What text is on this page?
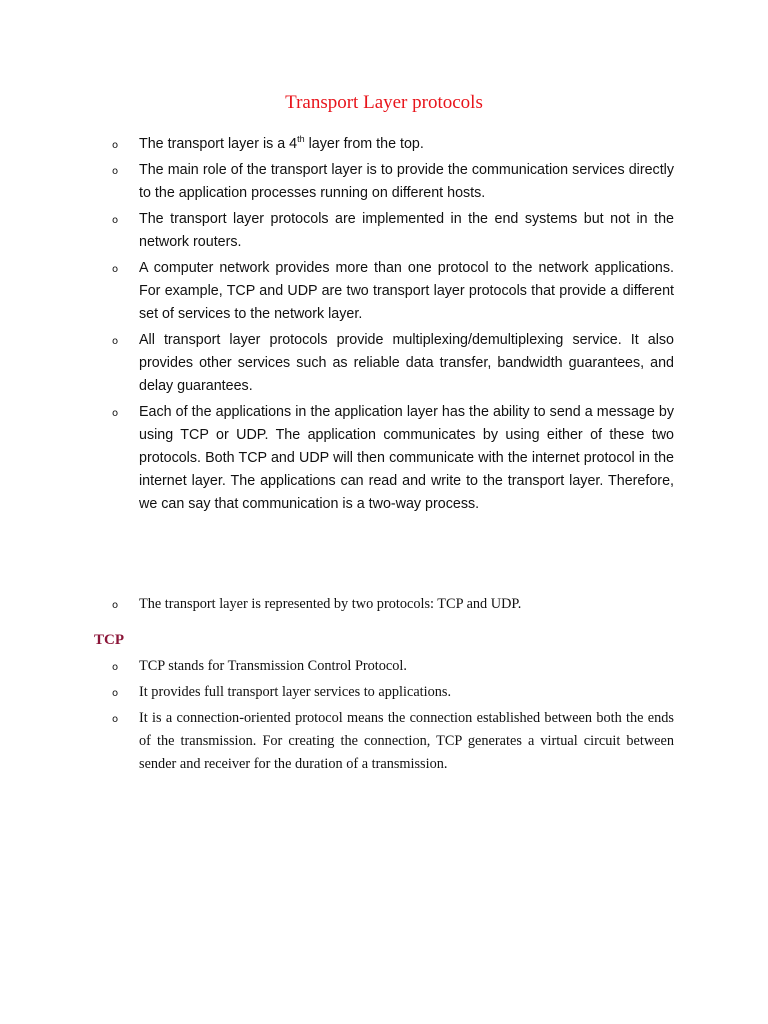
Transport Layer protocols
o The transport layer is a 4th layer from the top.
o The main role of the transport layer is to provide the communication services directly to the application processes running on different hosts.
o The transport layer protocols are implemented in the end systems but not in the network routers.
o A computer network provides more than one protocol to the network applications. For example, TCP and UDP are two transport layer protocols that provide a different set of services to the network layer.
o All transport layer protocols provide multiplexing/demultiplexing service. It also provides other services such as reliable data transfer, bandwidth guarantees, and delay guarantees.
o Each of the applications in the application layer has the ability to send a message by using TCP or UDP. The application communicates by using either of these two protocols. Both TCP and UDP will then communicate with the internet protocol in the internet layer. The applications can read and write to the transport layer. Therefore, we can say that communication is a two-way process.
o The transport layer is represented by two protocols: TCP and UDP.
TCP
o TCP stands for Transmission Control Protocol.
o It provides full transport layer services to applications.
o It is a connection-oriented protocol means the connection established between both the ends of the transmission. For creating the connection, TCP generates a virtual circuit between sender and receiver for the duration of a transmission.
